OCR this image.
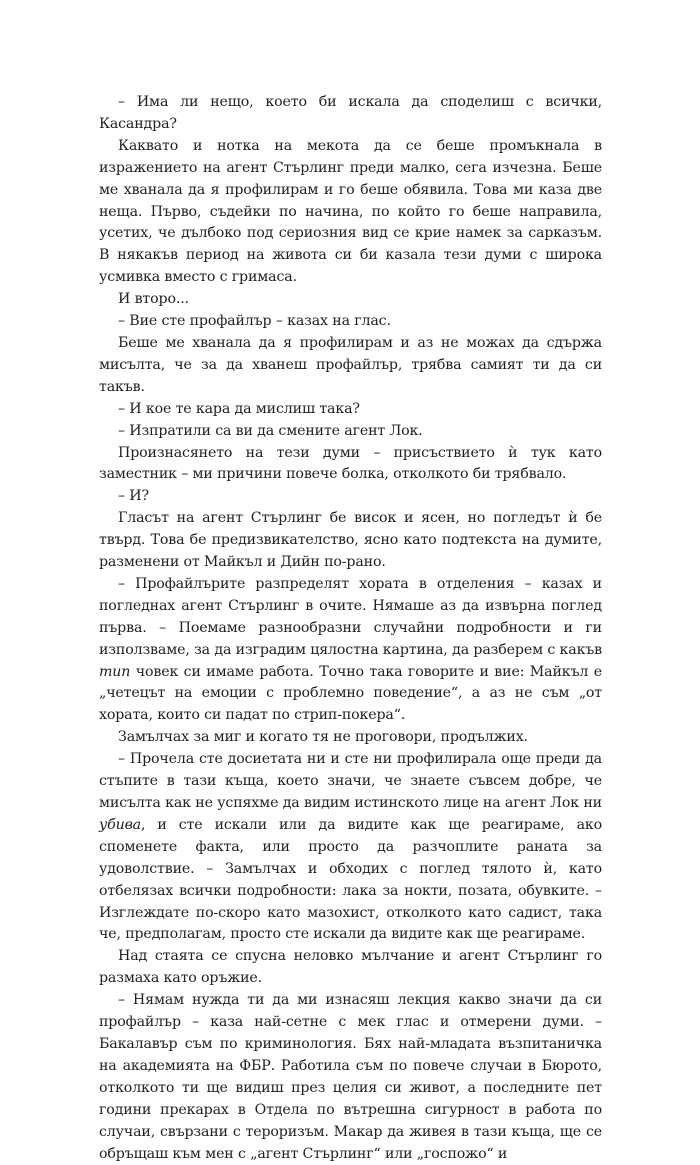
– Има ли нещо, което би искала да споделиш с всички, Касандра?

Каквато и нотка на мекота да се беше промъкнала в изражението на агент Стърлинг преди малко, сега изчезна. Беше ме хванала да я профилирам и го беше обявила. Това ми каза две неща. Първо, съдейки по начина, по който го беше направила, усетих, че дълбоко под сериозния вид се крие намек за сарказъм. В някакъв период на живота си би казала тези думи с широка усмивка вместо с гримаса.

И второ...

– Вие сте профайлър – казах на глас.

Беше ме хванала да я профилирам и аз не можах да сдържа мисълта, че за да хванеш профайлър, трябва самият ти да си такъв.

– И кое те кара да мислиш така?

– Изпратили са ви да смените агент Лок.

Произнасянето на тези думи – присъствието ѝ тук като заместник – ми причини повече болка, отколкото би трябвало.

– И?

Гласът на агент Стърлинг бе висок и ясен, но погледът ѝ бе твърд. Това бе предизвикателство, ясно като подтекста на думите, разменени от Майкъл и Дийн по-рано.

– Профайлърите разпределят хората в отделения – казах и погледнах агент Стърлинг в очите. Нямаше аз да извърна поглед първа. – Поемаме разнообразни случайни подробности и ги използваме, за да изградим цялостна картина, да разберем с какъв тип човек си имаме работа. Точно така говорите и вие: Майкъл е „четецът на емоции с проблемно поведение“, а аз не съм „от хората, които си падат по стрип-покера“.

Замълчах за миг и когато тя не проговори, продължих.

– Прочела сте досиетата ни и сте ни профилирала още преди да стъпите в тази къща, което значи, че знаете съвсем добре, че мисълта как не успяхме да видим истинското лице на агент Лок ни убива, и сте искали или да видите как ще реагираме, ако споменете факта, или просто да разчоплите раната за удоволствие. – Замълчах и обходих с поглед тялото ѝ, като отбелязах всички подробности: лака за нокти, позата, обувките. – Изглеждате по-скоро като мазохист, отколкото като садист, така че, предполагам, просто сте искали да видите как ще реагираме.

Над стаята се спусна неловко мълчание и агент Стърлинг го размаха като оръжие.

– Нямам нужда ти да ми изнасяш лекция какво значи да си профайлър – каза най-сетне с мек глас и отмерени думи. – Бакалавър съм по криминология. Бях най-младата възпитаничка на академията на ФБР. Работила съм по повече случаи в Бюрото, отколкото ти ще видиш през целия си живот, а последните пет години прекарах в Отдела по вътрешна сигурност в работа по случаи, свързани с тероризъм. Макар да живея в тази къща, ще се обръщаш към мен с „агент Стърлинг“ или „госпожо“ и
